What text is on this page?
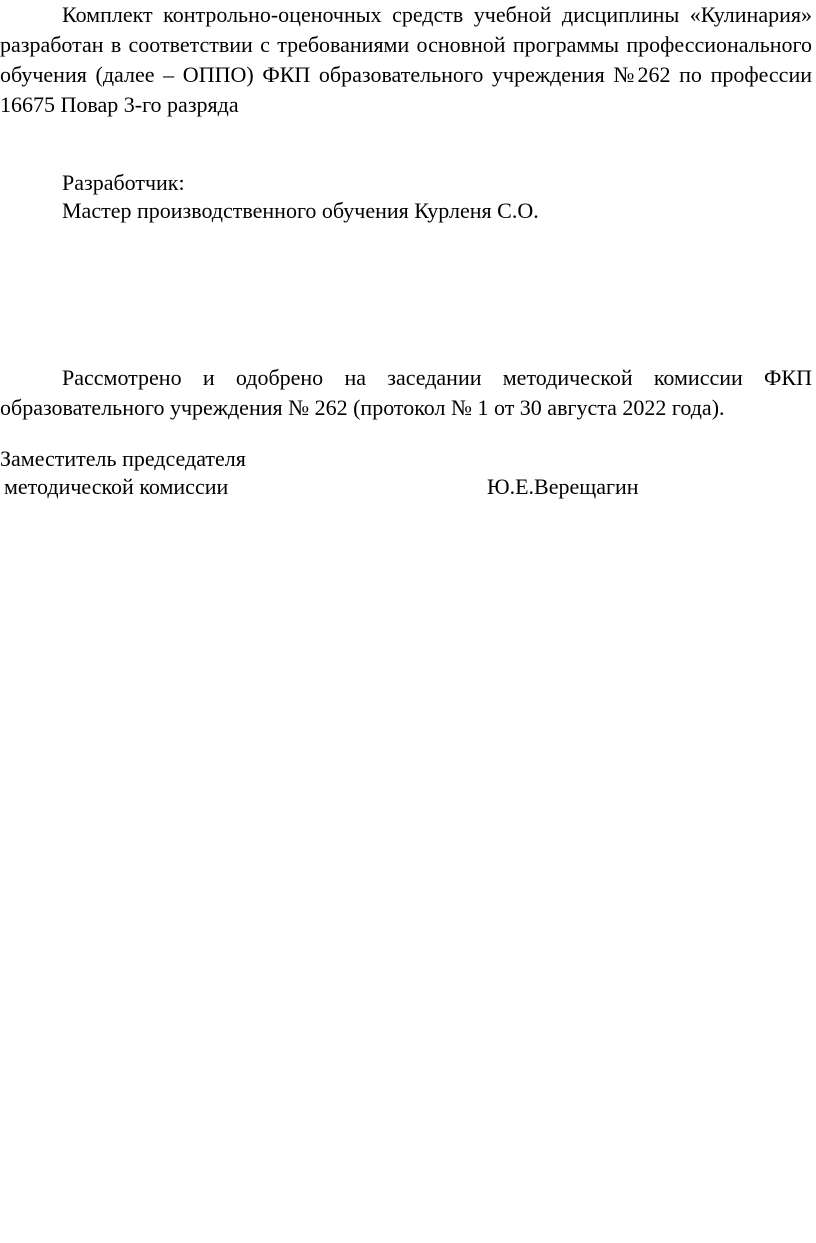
Комплект контрольно-оценочных средств учебной дисциплины «Кулинария» разработан в соответствии с требованиями основной программы профессионального обучения (далее – ОППО) ФКП образовательного учреждения №262 по профессии 16675 Повар 3-го разряда

Разработчик:

Мастер производственного обучения Курленя С.О.

Рассмотрено и одобрено на заседании методической комиссии ФКП образовательного учреждения № 262 (протокол № 1 от 30 августа 2022 года).

Заместитель председателя

методической комиссии	Ю.Е.Верещагин
